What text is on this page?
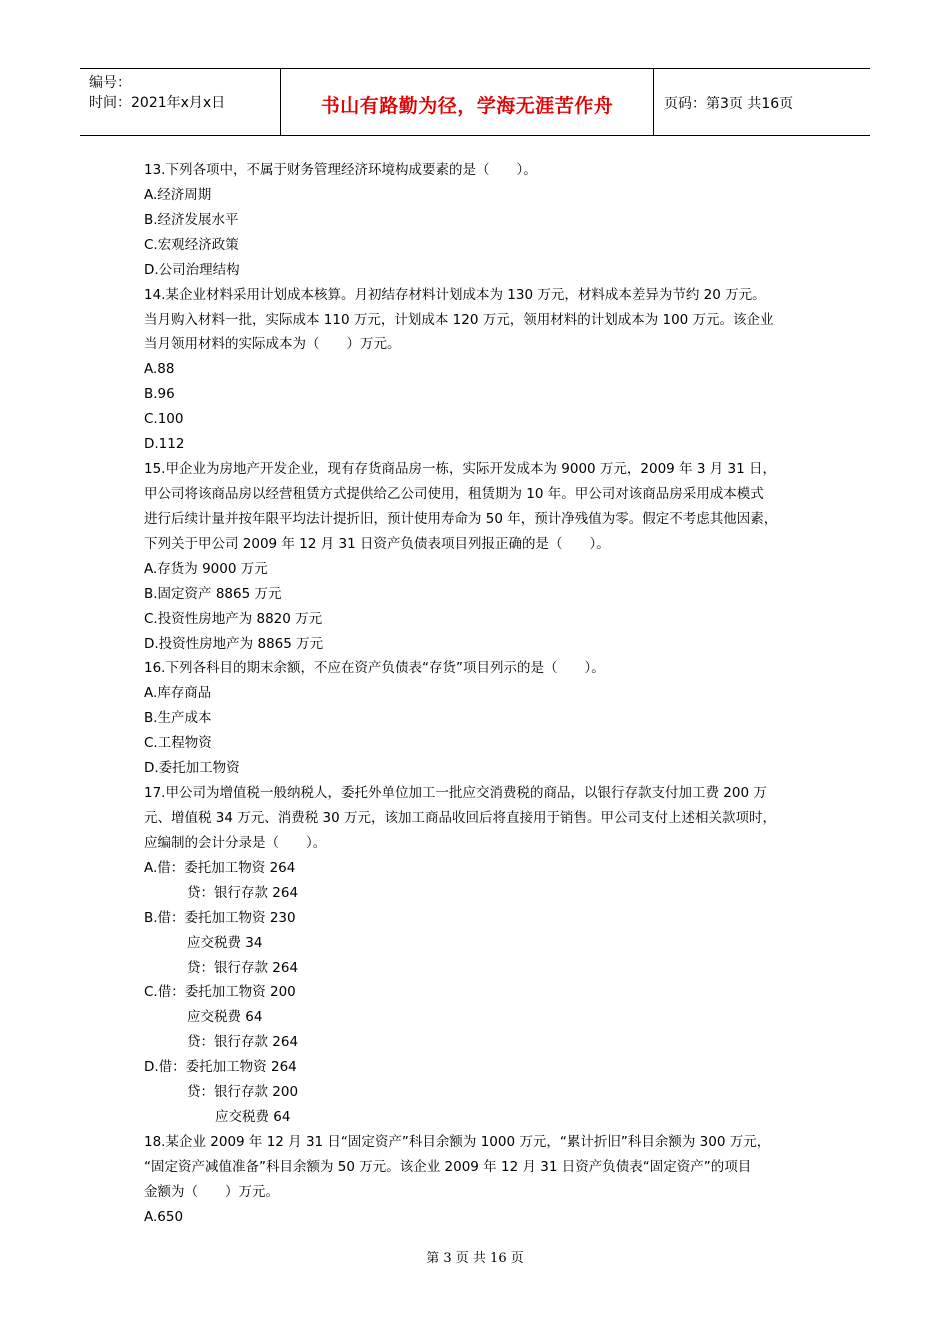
编号：
时间：2021年x月x日	书山有路勤为径，学海无涯苦作舟	页码：第3页 共16页
13.下列各项中，不属于财务管理经济环境构成要素的是（　　）。
A.经济周期
B.经济发展水平
C.宏观经济政策
D.公司治理结构
14.某企业材料采用计划成本核算。月初结存材料计划成本为 130 万元，材料成本差异为节约 20 万元。
当月购入材料一批，实际成本 110 万元，计划成本 120 万元，领用材料的计划成本为 100 万元。该企业
当月领用材料的实际成本为（　　）万元。
A.88
B.96
C.100
D.112
15.甲企业为房地产开发企业，现有存货商品房一栋，实际开发成本为 9000 万元，2009 年 3 月 31 日，
甲公司将该商品房以经营租赁方式提供给乙公司使用，租赁期为 10 年。甲公司对该商品房采用成本模式
进行后续计量并按年限平均法计提折旧，预计使用寿命为 50 年，预计净残值为零。假定不考虑其他因素，
下列关于甲公司 2009 年 12 月 31 日资产负债表项目列报正确的是（　　）。
A.存货为 9000 万元
B.固定资产 8865 万元
C.投资性房地产为 8820 万元
D.投资性房地产为 8865 万元
16.下列各科目的期末余额，不应在资产负债表“存货”项目列示的是（　　）。
A.库存商品
B.生产成本
C.工程物资
D.委托加工物资
17.甲公司为增值税一般纳税人，委托外单位加工一批应交消费税的商品，以银行存款支付加工费 200 万
元、增值税 34 万元、消费税 30 万元，该加工商品收回后将直接用于销售。甲公司支付上述相关款项时，
应编制的会计分录是（　　）。
A.借：委托加工物资 264
贷：银行存款 264
B.借：委托加工物资 230
应交税费 34
贷：银行存款 264
C.借：委托加工物资 200
应交税费 64
贷：银行存款 264
D.借：委托加工物资 264
贷：银行存款 200
应交税费 64
18.某企业 2009 年 12 月 31 日“固定资产”科目余额为 1000 万元，“累计折旧”科目余额为 300 万元，
“固定资产减值准备”科目余额为 50 万元。该企业 2009 年 12 月 31 日资产负债表“固定资产”的项目
金额为（　　）万元。
A.650
第 3 页 共 16 页
